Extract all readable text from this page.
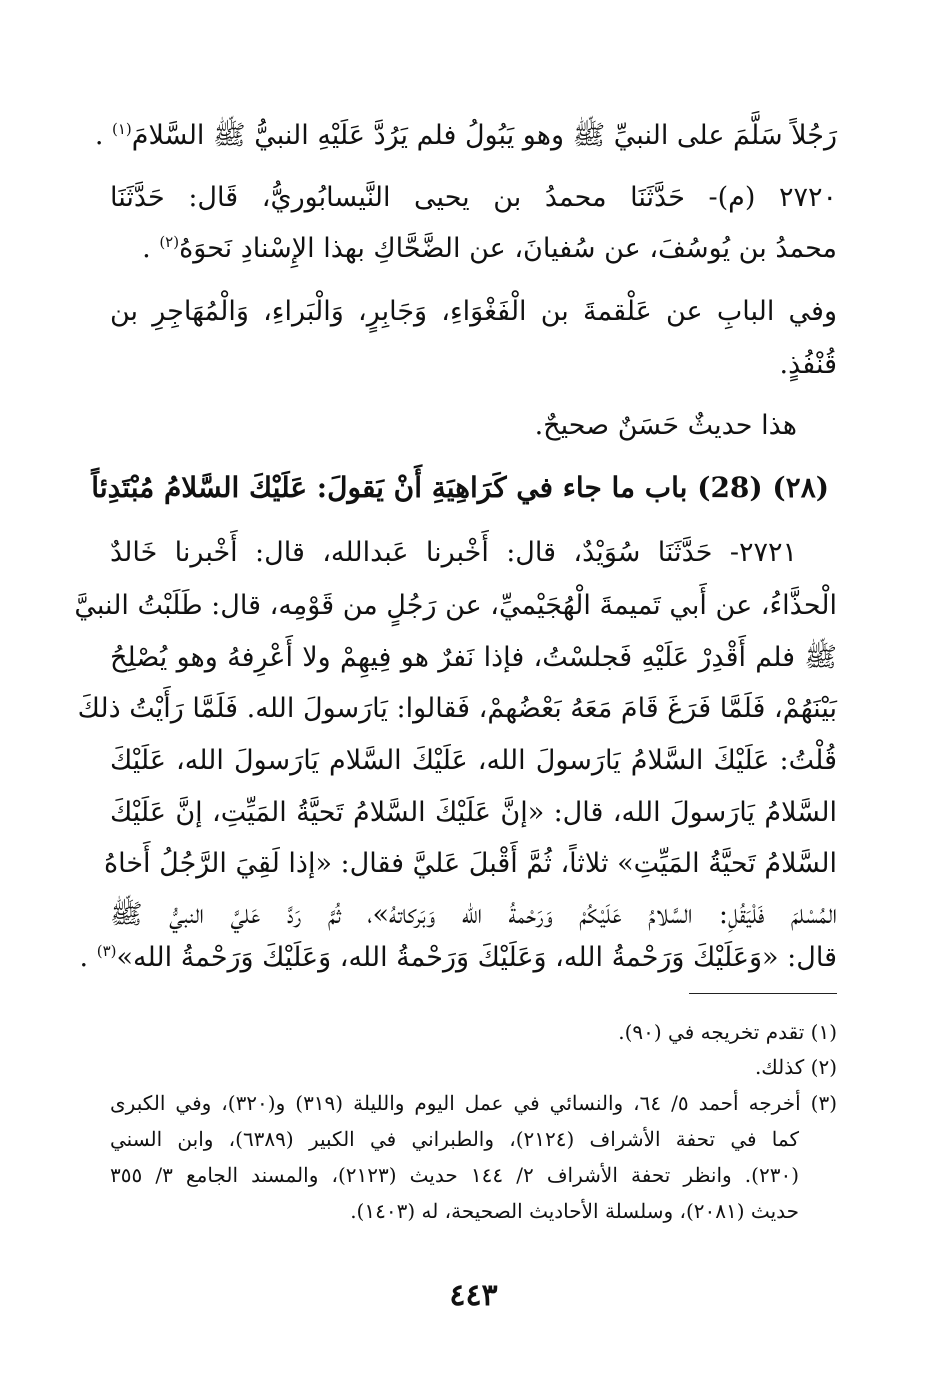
رَجُلاً سَلَّمَ على النبيِّ ﷺ وهو يَبُولُ فلم يَرُدَّ عَلَيْهِ النبيُّ ﷺ السَّلامَ$^{(١)}$ .
٢٧٢٠ (م)- حَدَّثَنَا محمدُ بن يحيى النَّيسابُوريُّ، قَال: حَدَّثَنَا
محمدُ بن يُوسُفَ، عن سُفيانَ، عن الضَّحَّاكِ بهذا الإِسْنادِ نَحوَهُ$^{(٢)}$ .
وفي البابِ عن عَلْقمةَ بن الْفَغْوَاءِ، وَجَابِرٍ، وَالْبَراءِ، وَالْمُهَاجِرِ بن
قُنْفُذٍ.
هذا حديثٌ حَسَنٌ صحيحٌ.
(٢٨) (28) باب ما جاء في كَرَاهِيَةِ أَنْ يَقولَ: عَلَيْكَ السَّلامُ مُبْتَدِئاً
٢٧٢١- حَدَّثَنَا سُوَيْدٌ، قال: أَخْبرنا عَبدالله، قال: أَخْبرنا خَالدٌ
الْحذَّاءُ، عن أَبي تَميمةَ الْهُجَيْميِّ، عن رَجُلٍ من قَوْمِه، قال: طَلَبْتُ النبيَّ
ﷺ فلم أَقْدِرْ عَلَيْهِ فَجلسْتُ، فإذا نَفرٌ هو فِيهِمْ ولا أَعْرِفهُ وهو يُصْلِحُ
بَيْنَهُمْ، فَلَمَّا فَرَغَ قَامَ مَعَهُ بَعْضُهمْ، فَقالوا: يَارَسولَ الله. فَلَمَّا رَأَيْتُ ذلكَ
قُلْتُ: عَلَيْكَ السَّلامُ يَارَسولَ الله، عَلَيْكَ السَّلام يَارَسولَ الله، عَلَيْكَ
السَّلامُ يَارَسولَ الله، قال: «إنَّ عَلَيْكَ السَّلامُ تَحيَّةُ المَيِّتِ، إنَّ عَلَيْكَ
السَّلامُ تَحيَّةُ المَيِّتِ» ثلاثاً، ثُمَّ أَقْبلَ عَليَّ فقال: «إذا لَقِيَ الرَّجُلُ أَخاهُ
المُسْلمَ فَلْيَقُلِ: السَّلامُ عَلَيْكُمْ وَرَحْمةُ الله وَبَركاتهُ»، ثُمَّ رَدَّ عَليَّ النبيُّ ﷺ
قال: «وَعَلَيْكَ وَرَحْمةُ الله، وَعَلَيْكَ وَرَحْمةُ الله، وَعَلَيْكَ وَرَحْمةُ الله»$^{(٣)}$ .
(١) تقدم تخريجه في (٩٠).
(٢) كذلك.
(٣) أخرجه أحمد ٥/ ٦٤، والنسائي في عمل اليوم والليلة (٣١٩) و(٣٢٠)، وفي الكبرى
كما في تحفة الأشراف (٢١٢٤)، والطبراني في الكبير (٦٣٨٩)، وابن السني
(٢٣٠). وانظر تحفة الأشراف ٢/ ١٤٤ حديث (٢١٢٣)، والمسند الجامع ٣/ ٣٥٥
حديث (٢٠٨١)، وسلسلة الأحاديث الصحيحة، له (١٤٠٣).
٤٤٣
